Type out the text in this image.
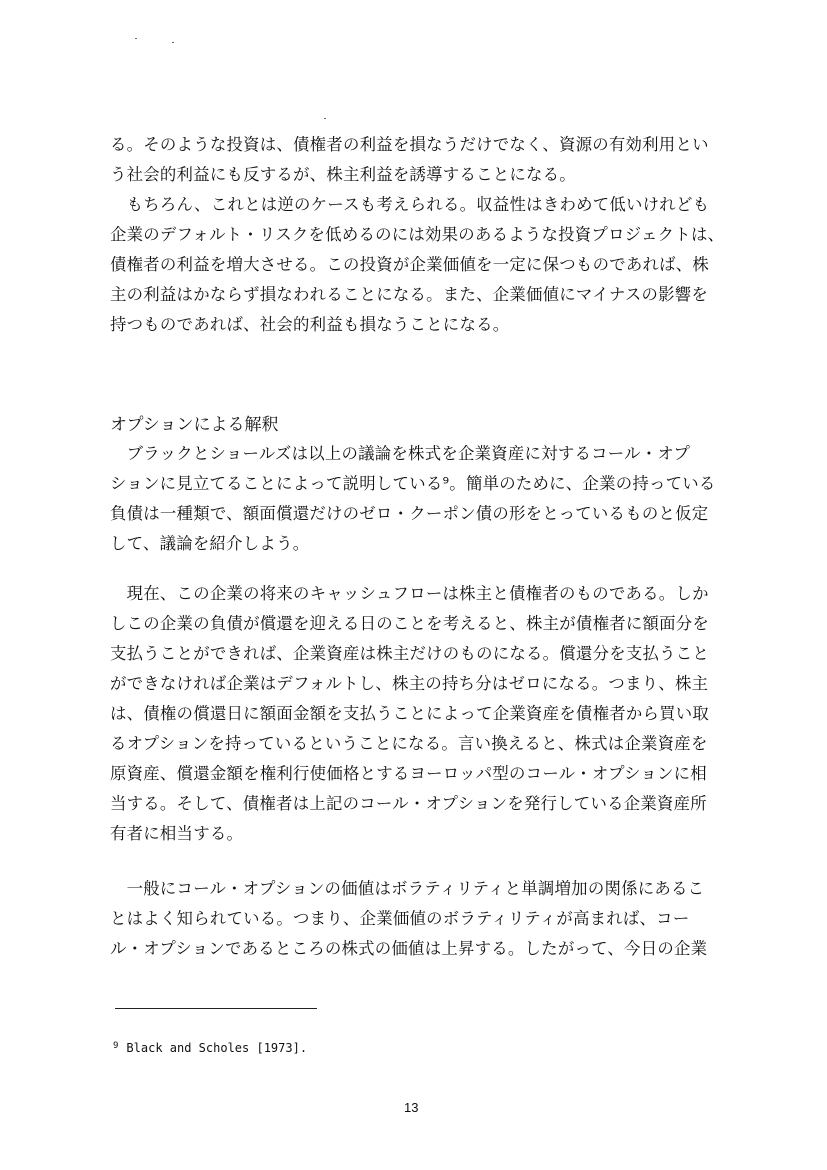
る。そのような投資は、債権者の利益を損なうだけでなく、資源の有効利用とい
う社会的利益にも反するが、株主利益を誘導することになる。
　もちろん、これとは逆のケースも考えられる。収益性はきわめて低いけれども
企業のデフォルト・リスクを低めるのには効果のあるような投資プロジェクトは、
債権者の利益を増大させる。この投資が企業価値を一定に保つものであれば、株
主の利益はかならず損なわれることになる。また、企業価値にマイナスの影響を
持つものであれば、社会的利益も損なうことになる。
オプションによる解釈
　ブラックとショールズは以上の議論を株式を企業資産に対するコール・オプ
ションに見立てることによって説明している⁹。簡単のために、企業の持っている
負債は一種類で、額面償還だけのゼロ・クーポン債の形をとっているものと仮定
して、議論を紹介しよう。
　現在、この企業の将来のキャッシュフローは株主と債権者のものである。しか
しこの企業の負債が償還を迎える日のことを考えると、株主が債権者に額面分を
支払うことができれば、企業資産は株主だけのものになる。償還分を支払うこと
ができなければ企業はデフォルトし、株主の持ち分はゼロになる。つまり、株主
は、債権の償還日に額面金額を支払うことによって企業資産を債権者から買い取
るオプションを持っているということになる。言い換えると、株式は企業資産を
原資産、償還金額を権利行使価格とするヨーロッパ型のコール・オプションに相
当する。そして、債権者は上記のコール・オプションを発行している企業資産所
有者に相当する。
　一般にコール・オプションの価値はボラティリティと単調増加の関係にあるこ
とはよく知られている。つまり、企業価値のボラティリティが高まれば、コー
ル・オプションであるところの株式の価値は上昇する。したがって、今日の企業
$^9$ Black and Scholes [1973].
13
